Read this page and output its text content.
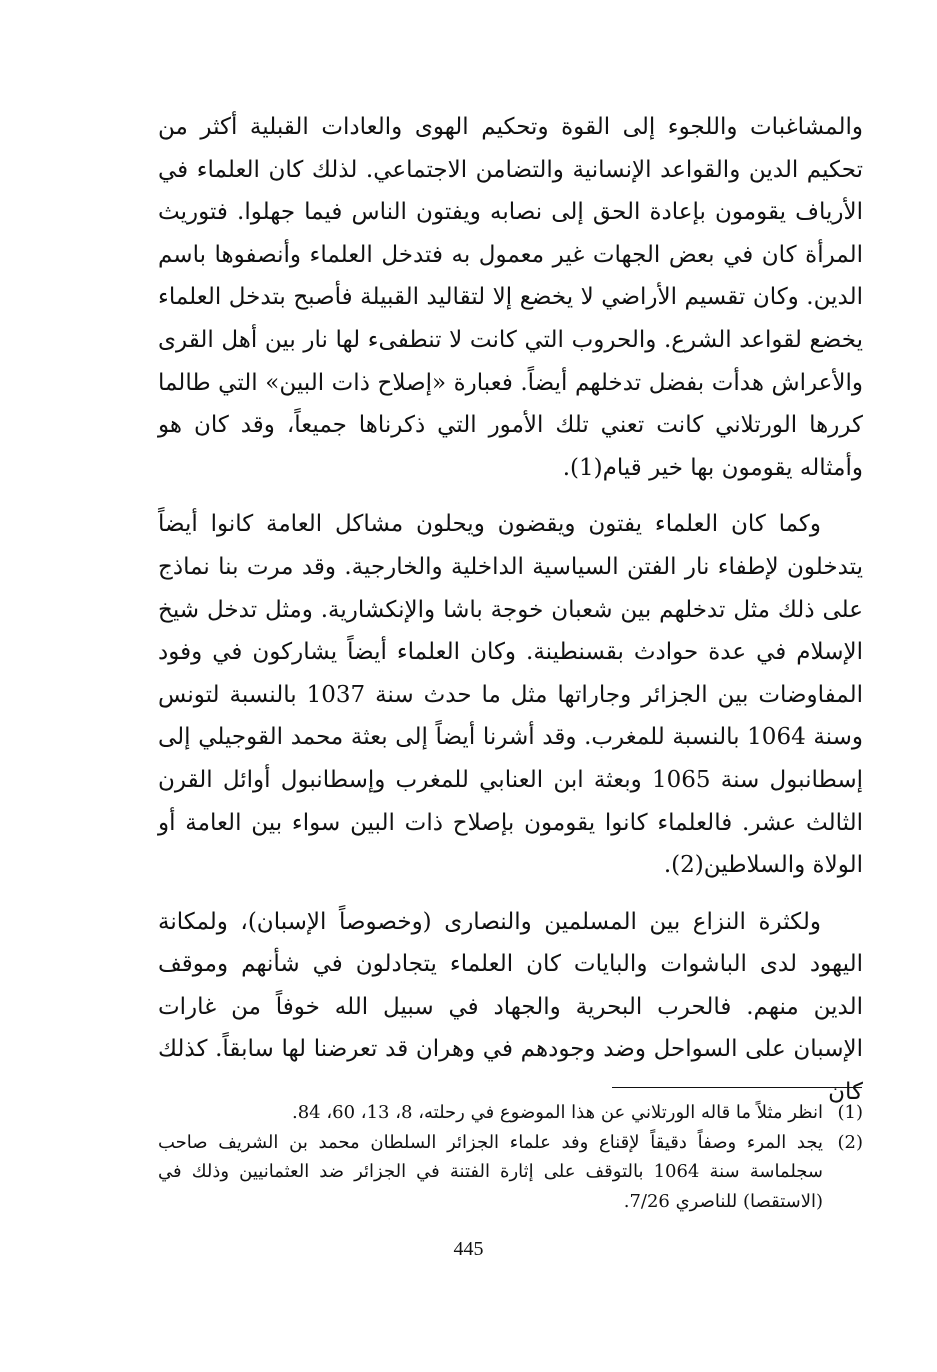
والمشاغبات واللجوء إلى القوة وتحكيم الهوى والعادات القبلية أكثر من تحكيم الدين والقواعد الإنسانية والتضامن الاجتماعي. لذلك كان العلماء في الأرياف يقومون بإعادة الحق إلى نصابه ويفتون الناس فيما جهلوا. فتوريث المرأة كان في بعض الجهات غير معمول به فتدخل العلماء وأنصفوها باسم الدين. وكان تقسيم الأراضي لا يخضع إلا لتقاليد القبيلة فأصبح بتدخل العلماء يخضع لقواعد الشرع. والحروب التي كانت لا تنطفىء لها نار بين أهل القرى والأعراش هدأت بفضل تدخلهم أيضاً. فعبارة «إصلاح ذات البين» التي طالما كررها الورتلاني كانت تعني تلك الأمور التي ذكرناها جميعاً، وقد كان هو وأمثاله يقومون بها خير قيام(1).

وكما كان العلماء يفتون ويقضون ويحلون مشاكل العامة كانوا أيضاً يتدخلون لإطفاء نار الفتن السياسية الداخلية والخارجية. وقد مرت بنا نماذج على ذلك مثل تدخلهم بين شعبان خوجة باشا والإنكشارية. ومثل تدخل شيخ الإسلام في عدة حوادث بقسنطينة. وكان العلماء أيضاً يشاركون في وفود المفاوضات بين الجزائر وجاراتها مثل ما حدث سنة 1037 بالنسبة لتونس وسنة 1064 بالنسبة للمغرب. وقد أشرنا أيضاً إلى بعثة محمد القوجيلي إلى إسطانبول سنة 1065 وبعثة ابن العنابي للمغرب وإسطانبول أوائل القرن الثالث عشر. فالعلماء كانوا يقومون بإصلاح ذات البين سواء بين العامة أو الولاة والسلاطين(2).

ولكثرة النزاع بين المسلمين والنصارى (وخصوصاً الإسبان)، ولمكانة اليهود لدى الباشوات والبايات كان العلماء يتجادلون في شأنهم وموقف الدين منهم. فالحرب البحرية والجهاد في سبيل الله خوفاً من غارات الإسبان على السواحل وضد وجودهم في وهران قد تعرضنا لها سابقاً. كذلك كان

(1)
انظر مثلاً ما قاله الورتلاني عن هذا الموضوع في رحلته، 8، 13، 60، 84.
(2)
يجد المرء وصفاً دقيقاً لإقناع وفد علماء الجزائر السلطان محمد بن الشريف صاحب سجلماسة سنة 1064 بالتوقف على إثارة الفتنة في الجزائر ضد العثمانيين وذلك في (الاستقصا) للناصري 7/26.
445
